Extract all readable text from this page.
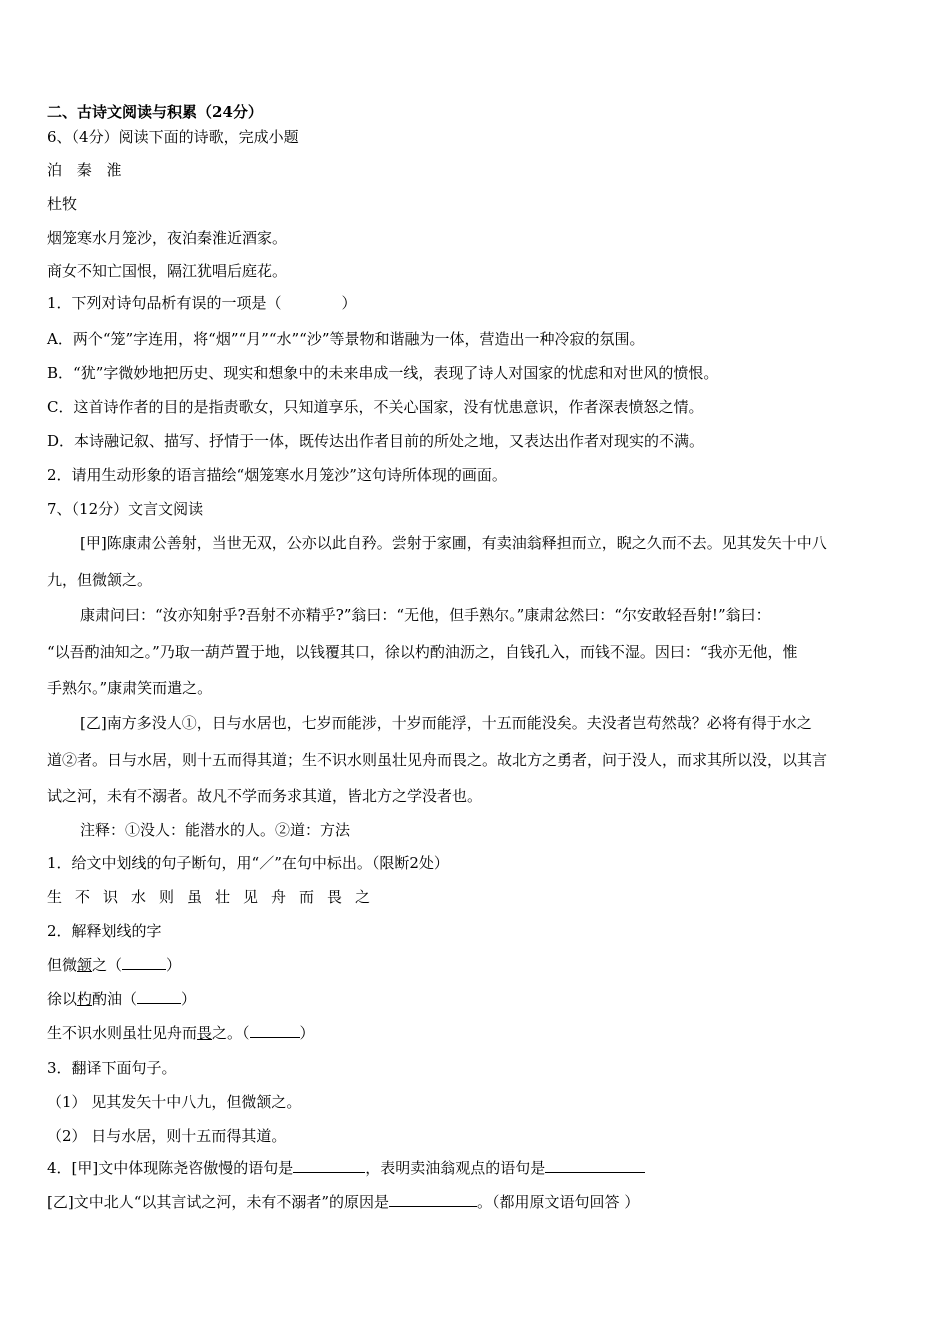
二、古诗文阅读与积累（24分）
6、（4分）阅读下面的诗歌，完成小题
泊 秦 淮
杜牧
烟笼寒水月笼沙，夜泊秦淮近酒家。
商女不知亡国恨，隔江犹唱后庭花。
1．下列对诗句品析有误的一项是（　　　　）
A．两个“笼”字连用，将“烟”“月”“水”“沙”等景物和谐融为一体，营造出一种冷寂的氛围。
B．“犹”字微妙地把历史、现实和想象中的未来串成一线，表现了诗人对国家的忧虑和对世风的愤恨。
C．这首诗作者的目的是指责歌女，只知道享乐，不关心国家，没有忧患意识，作者深表愤怒之情。
D．本诗融记叙、描写、抒情于一体，既传达出作者目前的所处之地，又表达出作者对现实的不满。
2．请用生动形象的语言描绘“烟笼寒水月笼沙”这句诗所体现的画面。
7、（12分）文言文阅读
[甲]陈康肃公善射，当世无双，公亦以此自矜。尝射于家圃，有卖油翁释担而立，睨之久而不去。见其发矢十中八
九，但微颔之。
康肃问曰：“汝亦知射乎?吾射不亦精乎?”翁曰：“无他，但手熟尔。”康肃忿然曰：“尔安敢轻吾射!”翁曰：
“以吾酌油知之。”乃取一葫芦置于地，以钱覆其口，徐以杓酌油沥之，自钱孔入，而钱不湿。因曰：“我亦无他，惟
手熟尔。”康肃笑而遣之。
[乙]南方多没人①，日与水居也，七岁而能涉，十岁而能浮，十五而能没矣。夫没者岂苟然哉？必将有得于水之
道②者。日与水居，则十五而得其道；生不识水则虽壮见舟而畏之。故北方之勇者，问于没人，而求其所以没，以其言
试之河，未有不溺者。故凡不学而务求其道，皆北方之学没者也。
注释：①没人：能潜水的人。②道：方法
1．给文中划线的句子断句，用“／”在句中标出。（限断2处）
生不识水则虽壮见舟而畏之
2．解释划线的字
但微颔之（	）
徐以杓酌油（	）
生不识水则虽壮见舟而畏之。（	）
3．翻译下面句子。
（1） 见其发矢十中八九，但微颔之。
（2） 日与水居，则十五而得其道。
4．[甲]文中体现陈尧咨傲慢的语句是	，表明卖油翁观点的语句是
[乙]文中北人“以其言试之河，未有不溺者”的原因是	。（都用原文语句回答 ）
